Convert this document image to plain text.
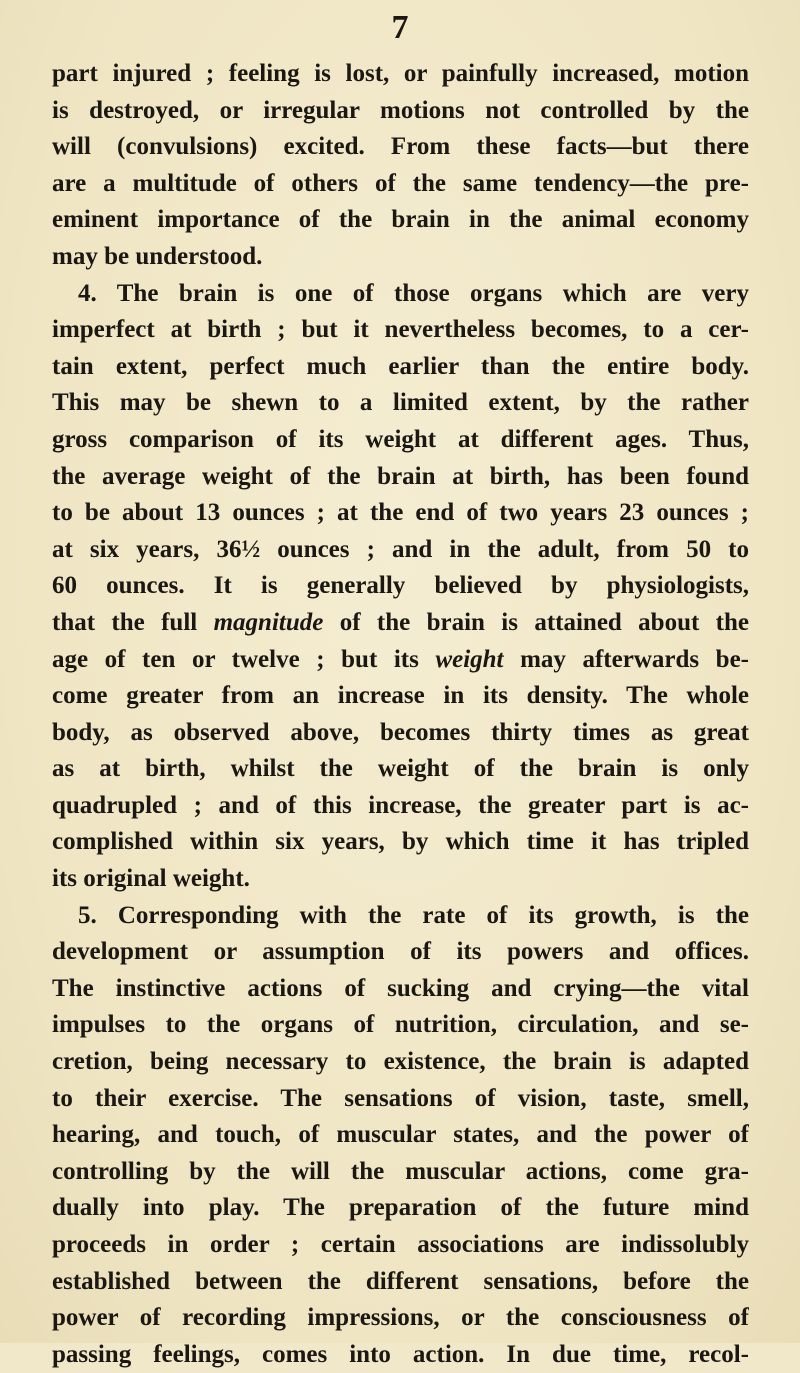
7
part injured ; feeling is lost, or painfully increased, motion
is destroyed, or irregular motions not controlled by the
will (convulsions) excited. From these facts—but there
are a multitude of others of the same tendency—the pre-
eminent importance of the brain in the animal economy
may be understood.
4. The brain is one of those organs which are very
imperfect at birth ; but it nevertheless becomes, to a cer-
tain extent, perfect much earlier than the entire body.
This may be shewn to a limited extent, by the rather
gross comparison of its weight at different ages. Thus,
the average weight of the brain at birth, has been found
to be about 13 ounces ; at the end of two years 23 ounces ;
at six years, 36½ ounces ; and in the adult, from 50 to
60 ounces. It is generally believed by physiologists,
that the full magnitude of the brain is attained about the
age of ten or twelve ; but its weight may afterwards be-
come greater from an increase in its density. The whole
body, as observed above, becomes thirty times as great
as at birth, whilst the weight of the brain is only
quadrupled ; and of this increase, the greater part is ac-
complished within six years, by which time it has tripled
its original weight.
5. Corresponding with the rate of its growth, is the
development or assumption of its powers and offices.
The instinctive actions of sucking and crying—the vital
impulses to the organs of nutrition, circulation, and se-
cretion, being necessary to existence, the brain is adapted
to their exercise. The sensations of vision, taste, smell,
hearing, and touch, of muscular states, and the power of
controlling by the will the muscular actions, come gra-
dually into play. The preparation of the future mind
proceeds in order ; certain associations are indissolubly
established between the different sensations, before the
power of recording impressions, or the consciousness of
passing feelings, comes into action. In due time, recol-
